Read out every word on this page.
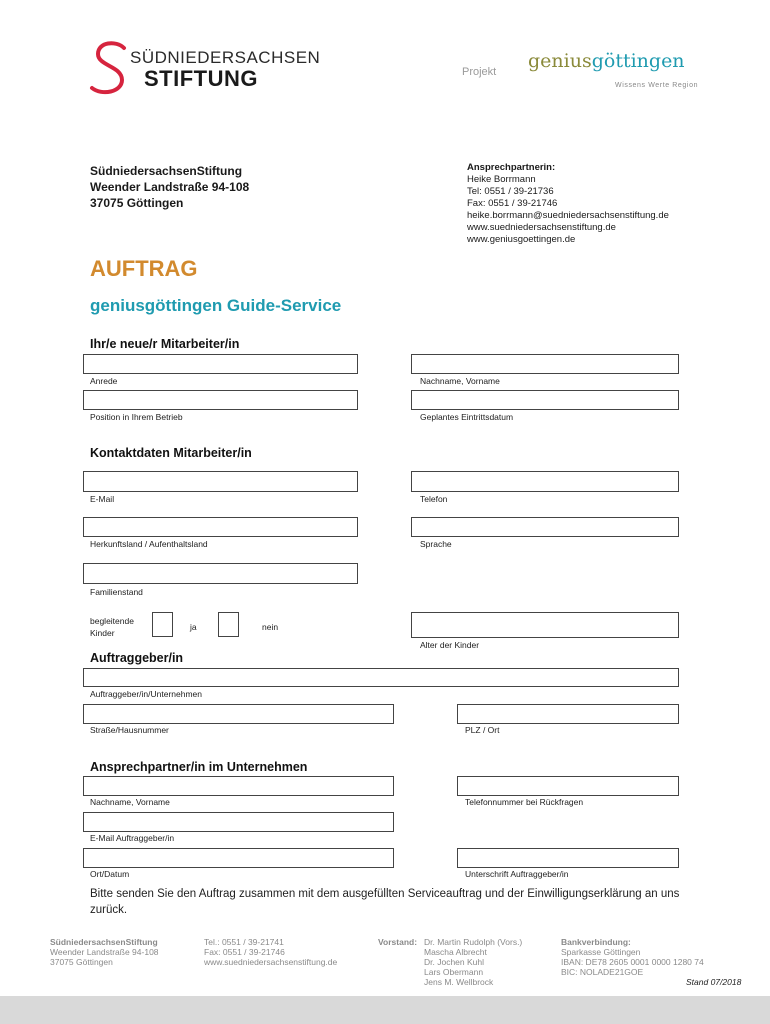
SÜDNIEDERSACHSEN
STIFTUNG	Projekt geniusgöttingen
Wissens Werte Region
SüdniedersachsenStiftung
Weender Landstraße 94-108
37075 Göttingen
Ansprechpartnerin:
Heike Borrmann
Tel: 0551 / 39-21736
Fax: 0551 / 39-21746
heike.borrmann@suedniedersachsenstiftung.de
www.suedniedersachsenstiftung.de
www.geniusgoettingen.de
AUFTRAG
geniusgöttingen Guide-Service
Ihr/e neue/r Mitarbeiter/in
Anrede	Nachname, Vorname
Position in Ihrem Betrieb	Geplantes Eintrittsdatum
Kontaktdaten Mitarbeiter/in
E-Mail	Telefon
Herkunftsland / Aufenthaltsland	Sprache
Familienstand
begleitende
Kinder
ja	nein
Alter der Kinder
Auftraggeber/in
Auftraggeber/in/Unternehmen
Straße/Hausnummer	PLZ / Ort
Ansprechpartner/in im Unternehmen
Nachname, Vorname	Telefonnummer bei Rückfragen
E-Mail Auftraggeber/in
Ort/Datum	Unterschrift Auftraggeber/in
Bitte senden Sie den Auftrag zusammen mit dem ausgefüllten Serviceauftrag und der Einwilligungserklärung an uns zurück.
SüdniedersachsenStiftung
Weender Landstraße 94-108
37075 Göttingen
Tel.: 0551 / 39-21741
Fax: 0551 / 39-21746
www.suedniedersachsenstiftung.de
Vorstand: Dr. Martin Rudolph (Vors.)
Mascha Albrecht
Dr. Jochen Kuhl
Lars Obermann
Jens M. Wellbrock
Bankverbindung:
Sparkasse Göttingen
IBAN: DE78 2605 0001 0000 1280 74
BIC: NOLADE21GOE
Stand 07/2018
